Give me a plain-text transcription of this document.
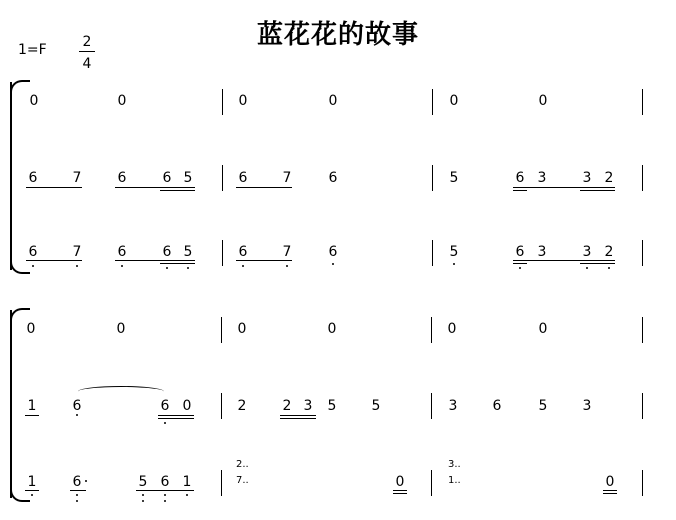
蓝花花的故事
1=F	2
4
0	0	0	0	0	0
6	7	6	6 5	6	7	6	5	6 3	3 2
6	7	6	6 5	6	7	6	5	6 3	3 2
0	0	0	0	0	0
1	6	6 0	2	2 3 5	5	3	6	5	3
1	6	5 6 1
2..
7..	0
3..
1..	0
